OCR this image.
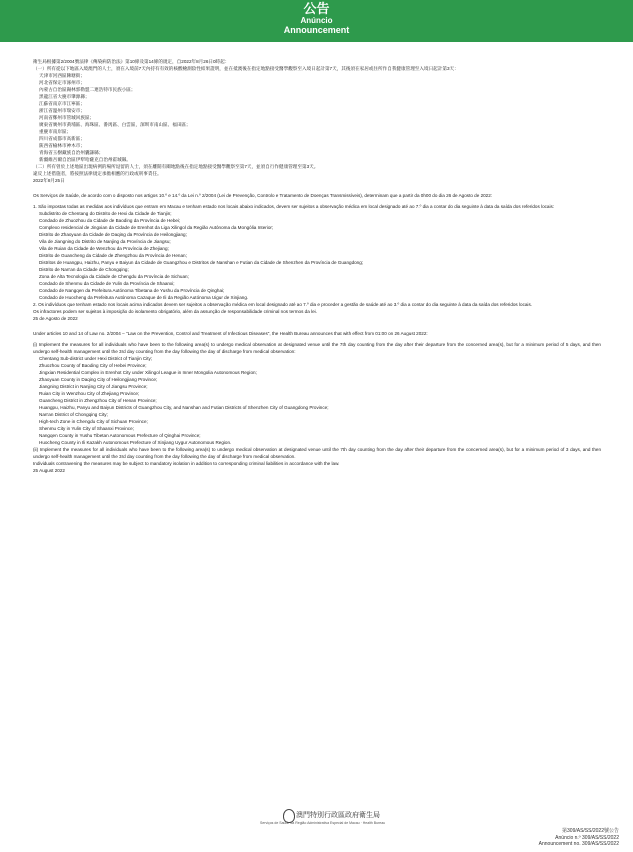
公告
Anúncio
Announcement

衛生局根據第2/2004號法律《傳染病防治法》第10條及第14條的規定，自2022年8月26日0時起：

（一）所有從以下地區入境澳門的人士，須在入境前7天內持有有效的核酸檢測陰性結果證明，並在抵澳後在指定地點接受醫學觀察至入境日起計第7天，其後須在家居或住所作自我健康管理至入境日起計第3天：

天津市河西區陳塘街；

河北省保定市涿州市；

內蒙古自治區錫林郭勒盟二連浩特市民族小區；

黑龍江省大慶市肇源縣；

江蘇省南京市江寧區；

浙江省溫州市瑞安市；

河南省鄭州市管城回族區；

廣東省廣州市黃埔區、海珠區、番禺區、白雲區，深圳市南山區、福田區；

重慶市南岸區；

四川省成都市高新區；

陝西省榆林市神木市；

青海省玉樹藏族自治州囊謙縣；

新疆維吾爾自治區伊犁哈薩克自治州霍城縣。

（二）所有曾於上述地區出現病例的場所逗留的人士，須在離開有關地點後在指定地點接受醫學觀察至第7天，並須自行作健康管理至第3天。

違反上述措施者，將按照法律規定承擔相應的行政或刑事責任。

2022年8月25日

Os Serviços de Saúde, de acordo com o disposto nos artigos 10.º e 14.º da Lei n.º 2/2004 (Lei de Prevenção, Controlo e Tratamento de Doenças Transmissíveis), determinam que a partir da 0h00 do dia 26 de Agosto de 2022:

1. São impostas todas as medidas aos indivíduos que entram em Macau e tenham estado nos locais abaixo indicados, devem ser sujeitos a observação médica em local designado até ao 7.º dia a contar do dia seguinte à data da saída dos referidos locais:

Subdistrito de Chentang do Distrito de Hexi da Cidade de Tianjin;

Condado de Zhuozhou da Cidade de Baoding da Província de Hebei;

Complexo residencial de Jingxian da Cidade de Erenhot da Liga Xilingol da Região Autónoma da Mongólia Interior;

Distrito de Zhaoyuan da Cidade de Daqing da Província de Heilongjiang;

Vila de Jiangning do Distrito de Nanjing da Província de Jiangsu;

Vila de Ruian da Cidade de Wenzhou da Província de Zhejiang;

Distrito de Guancheng da Cidade de Zhengzhou da Província de Henan;

Distritos de Huangpu, Haizhu, Panyu e Baiyun da Cidade de Guangzhou e Distritos de Nanshan e Futian da Cidade de Shenzhen da Província de Guangdong;

Distrito de Nan'an da Cidade de Chongqing;

Zona de Alta Tecnologia da Cidade de Chengdu da Província de Sichuan;

Condado de Shenmu da Cidade de Yulin da Província de Shaanxi;

Condado de Nangqen da Prefeitura Autónoma Tibetana de Yushu da Província de Qinghai;

Condado de Huocheng da Prefeitura Autónoma Cazaque de Ili da Região Autónoma Uigur de Xinjiang.

2. Os indivíduos que tenham estado nos locais acima indicados devem ser sujeitos a observação médica em local designado até ao 7.º dia e proceder a gestão de saúde até ao 3.º dia a contar do dia seguinte à data da saída dos referidos locais.

Os infractores podem ser sujeitos à imposição do isolamento obrigatório, além da assunção de responsabilidade criminal nos termos da lei.

25 de Agosto de 2022

Under articles 10 and 14 of Law no. 2/2004 – "Law on the Prevention, Control and Treatment of Infectious Diseases", the Health Bureau announces that with effect from 01:00 on 26 August 2022:

(i) Implement the measures for all individuals who have been to the following area(s) to undergo medical observation at designated venue until the 7th day counting from the day after their departure from the concerned area(s), but for a minimum period of 5 days, and then undergo self-health management until the 3rd day counting from the day following the day of discharge from medical observation:

Chentang Sub-district under Hexi District of Tianjin City;

Zhuozhou County of Baoding City of Hebei Province;

Jingxian Residential Complex in Erenhot City under Xilingol League in Inner Mongolia Autonomous Region;

Zhaoyuan County in Daqing City of Heilongjiang Province;

Jiangning District in Nanjing City of Jiangsu Province;

Ruian City in Wenzhou City of Zhejiang Province;

Guancheng District in Zhengzhou City of Henan Province;

Huangpu, Haizhu, Panyu and Baiyun Districts of Guangzhou City, and Nanshan and Futian Districts of Shenzhen City of Guangdong Province;

Nan'an District of Chongqing City;

High-tech Zone in Chengdu City of Sichuan Province;

Shenmu City in Yulin City of Shaanxi Province;

Nangqen County in Yushu Tibetan Autonomous Prefecture of Qinghai Province;

Huocheng County in Ili Kazakh Autonomous Prefecture of Xinjiang Uygur Autonomous Region.

(ii) Implement the measures for all individuals who have been to the following area(s) to undergo medical observation at designated venue until the 7th day counting from the day after their departure from the concerned area(s), but for a minimum period of 3 days, and then undergo self-health management until the 3rd day counting from the day following the day of discharge from medical observation.

Individuals contravening the measures may be subject to mandatory isolation in addition to corresponding criminal liabilities in accordance with the law.

25 August 2022

澳門特別行政區政府衛生局
Serviços de Saúde da Região Administrativa Especial de Macau · Health Bureau
第309/AS/SS/2022號公告
Anúncio n.º 309/AS/SS/2022
Announcement no. 309/AS/SS/2022
